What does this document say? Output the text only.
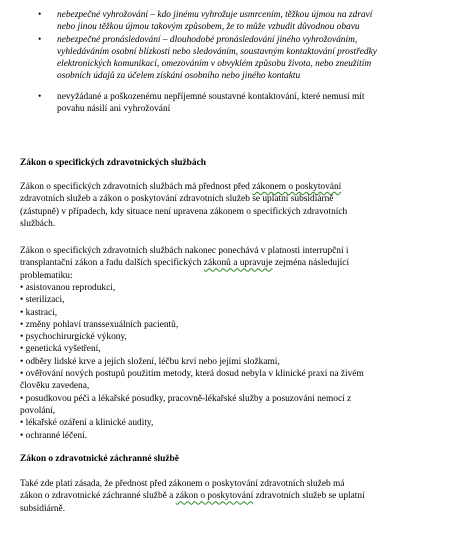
• nebezpečné vyhrožování – kdo jinému vyhrožuje usmrcením, těžkou újmou na zdraví
nebo jinou těžkou újmou takovým způsobem, že to může vzbudit důvodnou obavu
• nebezpečné pronásledování – dlouhodobé pronásledování jiného vyhrožováním,
vyhledáváním osobní blízkosti nebo sledováním, soustavným kontaktování prostředky
elektronických komunikací, omezováním v obvyklém způsobu života, nebo zneužitím
osobních údajů za účelem získání osobního nebo jiného kontaktu
• nevyžádané a poškozenému nepříjemné soustavné kontaktování, které nemusí mít
povahu násilí ani vyhrožování
Zákon o specifických zdravotnických službách
Zákon o specifických zdravotních službách má přednost před zákonem o poskytování
zdravotních služeb a zákon o poskytování zdravotních služeb se uplatní subsidiárně
(zástupně) v případech, kdy situace není upravena zákonem o specifických zdravotních
službách.
Zákon o specifických zdravotních službách nakonec ponechává v platnosti interrupční i
transplantační zákon a řadu dalších specifických zákonů a upravuje zejména následující
problematiku:
• asistovanou reprodukci,
• sterilizaci,
• kastraci,
• změny pohlaví transsexuálních pacientů,
• psychochirurgické výkony,
• genetická vyšetření,
• odběry lidské krve a jejích složení, léčbu krví nebo jejími složkami,
• ověřování nových postupů použitím metody, která dosud nebyla v klinické praxi na živém
člověku zavedena,
• posudkovou péči a lékařské posudky, pracovně-lékařské služby a posuzování nemocí z
povolání,
• lékařské ozáření a klinické audity,
• ochranné léčení.
Zákon o zdravotnické záchranné službě
Také zde platí zásada, že přednost před zákonem o poskytování zdravotních služeb má
zákon o zdravotnické záchranné službě a zákon o poskytování zdravotních služeb se uplatní
subsidiárně.
